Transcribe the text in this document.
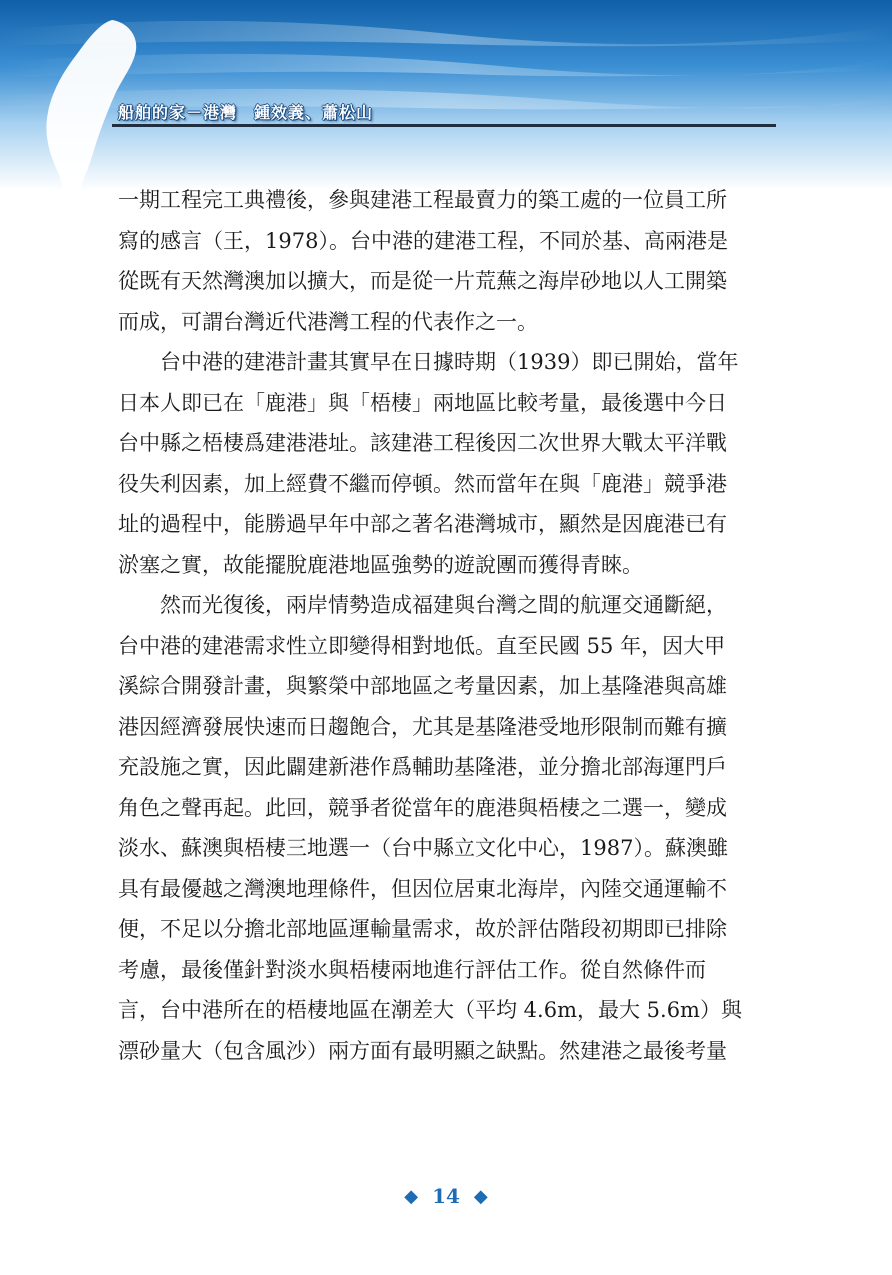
船舶的家－港灣　鍾效義、蕭松山
一期工程完工典禮後，參與建港工程最賣力的築工處的一位員工所
寫的感言（王，1978）。台中港的建港工程，不同於基、高兩港是
從既有天然灣澳加以擴大，而是從一片荒蕪之海岸砂地以人工開築
而成，可謂台灣近代港灣工程的代表作之一。
　　台中港的建港計畫其實早在日據時期（1939）即已開始，當年
日本人即已在「鹿港」與「梧棲」兩地區比較考量，最後選中今日
台中縣之梧棲爲建港港址。該建港工程後因二次世界大戰太平洋戰
役失利因素，加上經費不繼而停頓。然而當年在與「鹿港」競爭港
址的過程中，能勝過早年中部之著名港灣城市，顯然是因鹿港已有
淤塞之實，故能擺脫鹿港地區強勢的遊說團而獲得青睞。
　　然而光復後，兩岸情勢造成福建與台灣之間的航運交通斷絕，
台中港的建港需求性立即變得相對地低。直至民國 55 年，因大甲
溪綜合開發計畫，與繁榮中部地區之考量因素，加上基隆港與高雄
港因經濟發展快速而日趨飽合，尤其是基隆港受地形限制而難有擴
充設施之實，因此闢建新港作爲輔助基隆港，並分擔北部海運門戶
角色之聲再起。此回，競爭者從當年的鹿港與梧棲之二選一，變成
淡水、蘇澳與梧棲三地選一（台中縣立文化中心，1987）。蘇澳雖
具有最優越之灣澳地理條件，但因位居東北海岸，內陸交通運輸不
便，不足以分擔北部地區運輸量需求，故於評估階段初期即已排除
考慮，最後僅針對淡水與梧棲兩地進行評估工作。從自然條件而
言，台中港所在的梧棲地區在潮差大（平均 4.6m，最大 5.6m）與
漂砂量大（包含風沙）兩方面有最明顯之缺點。然建港之最後考量
◆ 14 ◆
